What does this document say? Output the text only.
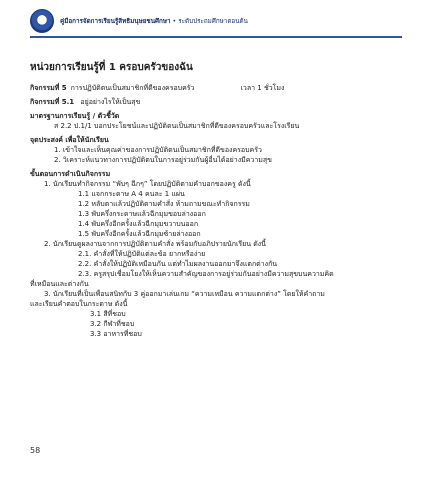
คู่มือการจัดการเรียนรู้สิทธิมนุษยชนศึกษา • ระดับประถมศึกษาตอนต้น
หน่วยการเรียนรู้ที่ 1 ครอบครัวของฉัน
กิจกรรมที่ 5 การปฏิบัติตนเป็นสมาชิกที่ดีของครอบครัว	เวลา 1 ชั่วโมง
กิจกรรมที่ 5.1 อยู่อย่างไรให้เป็นสุข
มาตรฐานการเรียนรู้ / ตัวชี้วัด
ส 2.2 ป.1/1 บอกประโยชน์และปฏิบัติตนเป็นสมาชิกที่ดีของครอบครัวและโรงเรียน
จุดประสงค์ เพื่อให้นักเรียน
1. เข้าใจและเห็นคุณค่าของการปฏิบัติตนเป็นสมาชิกที่ดีของครอบครัว
2. วิเคราะห์แนวทางการปฏิบัติตนในการอยู่ร่วมกันผู้อื่นได้อย่างมีความสุข
ขั้นตอนการดำเนินกิจกรรม
1. นักเรียนทำกิจกรรม “พับๆ ฉีกๆ” โดยปฏิบัติตามคำบอกของครู ดังนี้
1.1 แจกกระดาษ A 4 คนละ 1 แผ่น
1.2 หลับตาแล้วปฏิบัติตามคำสั่ง ห้ามถามขณะทำกิจกรรม
1.3 พับครึ่งกระดาษแล้วฉีกมุมขอบล่างออก
1.4 พับครึ่งอีกครั้งแล้วฉีกมุมขวาบนออก
1.5 พับครึ่งอีกครั้งแล้วฉีกมุมซ้ายล่างออก
2. นักเรียนดูผลงานจากการปฏิบัติตามคำสั่ง พร้อมกับอภิปรายนักเรียน ดังนี้
2.1. คำสั่งที่ให้ปฏิบัติแต่ละข้อ ยากหรือง่าย
2.2. คำสั่งให้ปฏิบัติเหมือนกัน แต่ทำไมผลงานออกมาจึงแตกต่างกัน
2.3. ครูสรุปเชื่อมโยงให้เห็นความสำคัญของการอยู่ร่วมกันอย่างมีความสุขบนความคิด
ที่เหมือนและต่างกัน
3. นักเรียนที่เป็นเพื่อนสนิทกับ 3 คู่ออกมาเล่นเกม “ความเหมือน ความแตกต่าง” โดยให้คำถาม
และเรียนคำตอบในกระดาษ ดังนี้
3.1 สีที่ชอบ
3.2 กีฬาที่ชอบ
3.3 อาหารที่ชอบ
58
